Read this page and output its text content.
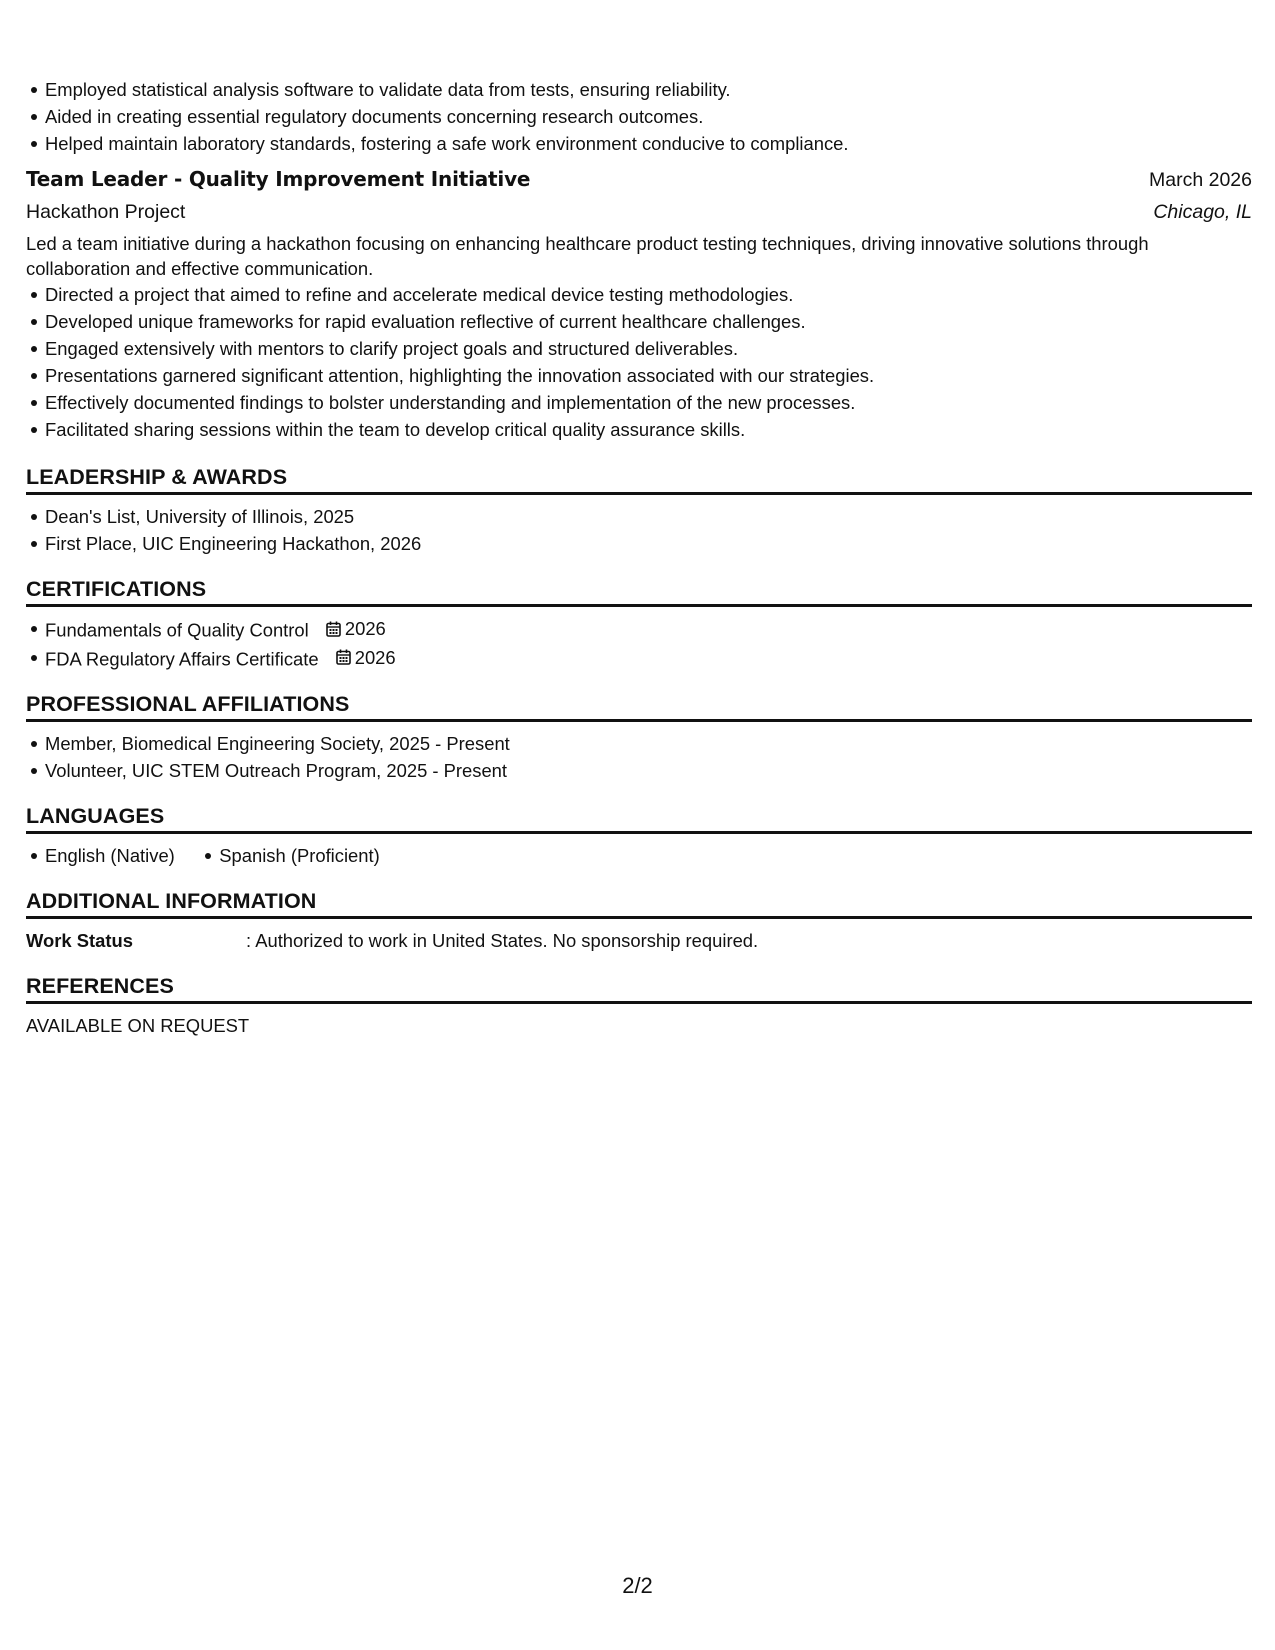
Employed statistical analysis software to validate data from tests, ensuring reliability.
Aided in creating essential regulatory documents concerning research outcomes.
Helped maintain laboratory standards, fostering a safe work environment conducive to compliance.
Team Leader - Quality Improvement Initiative	March 2026
Hackathon Project	Chicago, IL
Led a team initiative during a hackathon focusing on enhancing healthcare product testing techniques, driving innovative solutions through collaboration and effective communication.
Directed a project that aimed to refine and accelerate medical device testing methodologies.
Developed unique frameworks for rapid evaluation reflective of current healthcare challenges.
Engaged extensively with mentors to clarify project goals and structured deliverables.
Presentations garnered significant attention, highlighting the innovation associated with our strategies.
Effectively documented findings to bolster understanding and implementation of the new processes.
Facilitated sharing sessions within the team to develop critical quality assurance skills.
LEADERSHIP & AWARDS
Dean's List, University of Illinois, 2025
First Place, UIC Engineering Hackathon, 2026
CERTIFICATIONS
Fundamentals of Quality Control 2026
FDA Regulatory Affairs Certificate 2026
PROFESSIONAL AFFILIATIONS
Member, Biomedical Engineering Society, 2025 - Present
Volunteer, UIC STEM Outreach Program, 2025 - Present
LANGUAGES
English (Native) Spanish (Proficient)
ADDITIONAL INFORMATION
Work Status	: Authorized to work in United States. No sponsorship required.
REFERENCES
AVAILABLE ON REQUEST
2/2
